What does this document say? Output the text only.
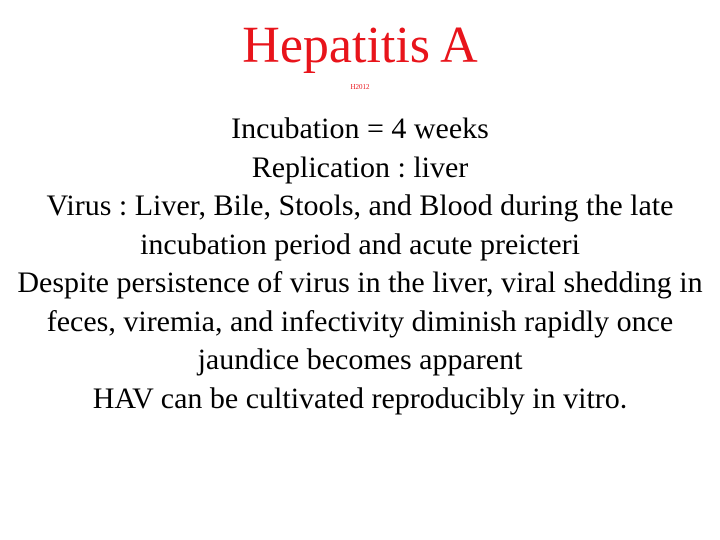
Hepatitis A
H2012

Incubation = 4 weeks

Replication : liver

Virus : Liver, Bile, Stools, and Blood during the late incubation period and acute preicteri

Despite persistence of virus in the liver, viral shedding in feces, viremia, and infectivity diminish rapidly once jaundice becomes apparent

HAV can be cultivated reproducibly in vitro.
